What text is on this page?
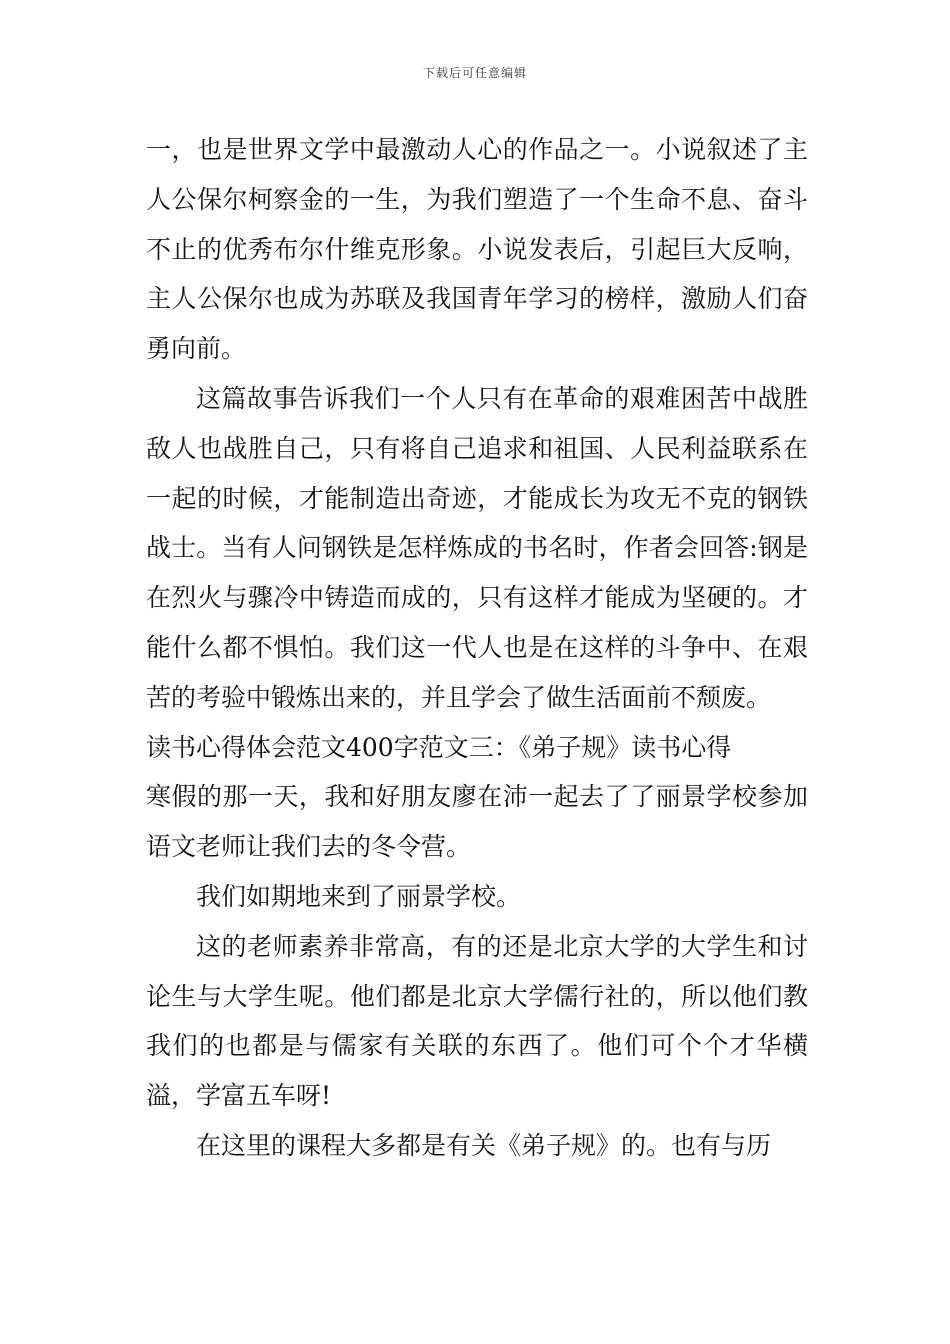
下载后可任意编辑

一，也是世界文学中最激动人心的作品之一。小说叙述了主人公保尔柯察金的一生，为我们塑造了一个生命不息、奋斗不止的优秀布尔什维克形象。小说发表后，引起巨大反响，主人公保尔也成为苏联及我国青年学习的榜样，激励人们奋勇向前。

这篇故事告诉我们一个人只有在革命的艰难困苦中战胜敌人也战胜自己，只有将自己追求和祖国、人民利益联系在一起的时候，才能制造出奇迹，才能成长为攻无不克的钢铁战士。当有人问钢铁是怎样炼成的书名时，作者会回答:钢是在烈火与骤冷中铸造而成的，只有这样才能成为坚硬的。才能什么都不惧怕。我们这一代人也是在这样的斗争中、在艰苦的考验中锻炼出来的，并且学会了做生活面前不颓废。

读书心得体会范文400字范文三：《弟子规》读书心得

寒假的那一天，我和好朋友廖在沛一起去了了丽景学校参加语文老师让我们去的冬令营。

我们如期地来到了丽景学校。

这的老师素养非常高，有的还是北京大学的大学生和讨论生与大学生呢。他们都是北京大学儒行社的，所以他们教我们的也都是与儒家有关联的东西了。他们可个个才华横溢，学富五车呀!

在这里的课程大多都是有关《弟子规》的。也有与历
